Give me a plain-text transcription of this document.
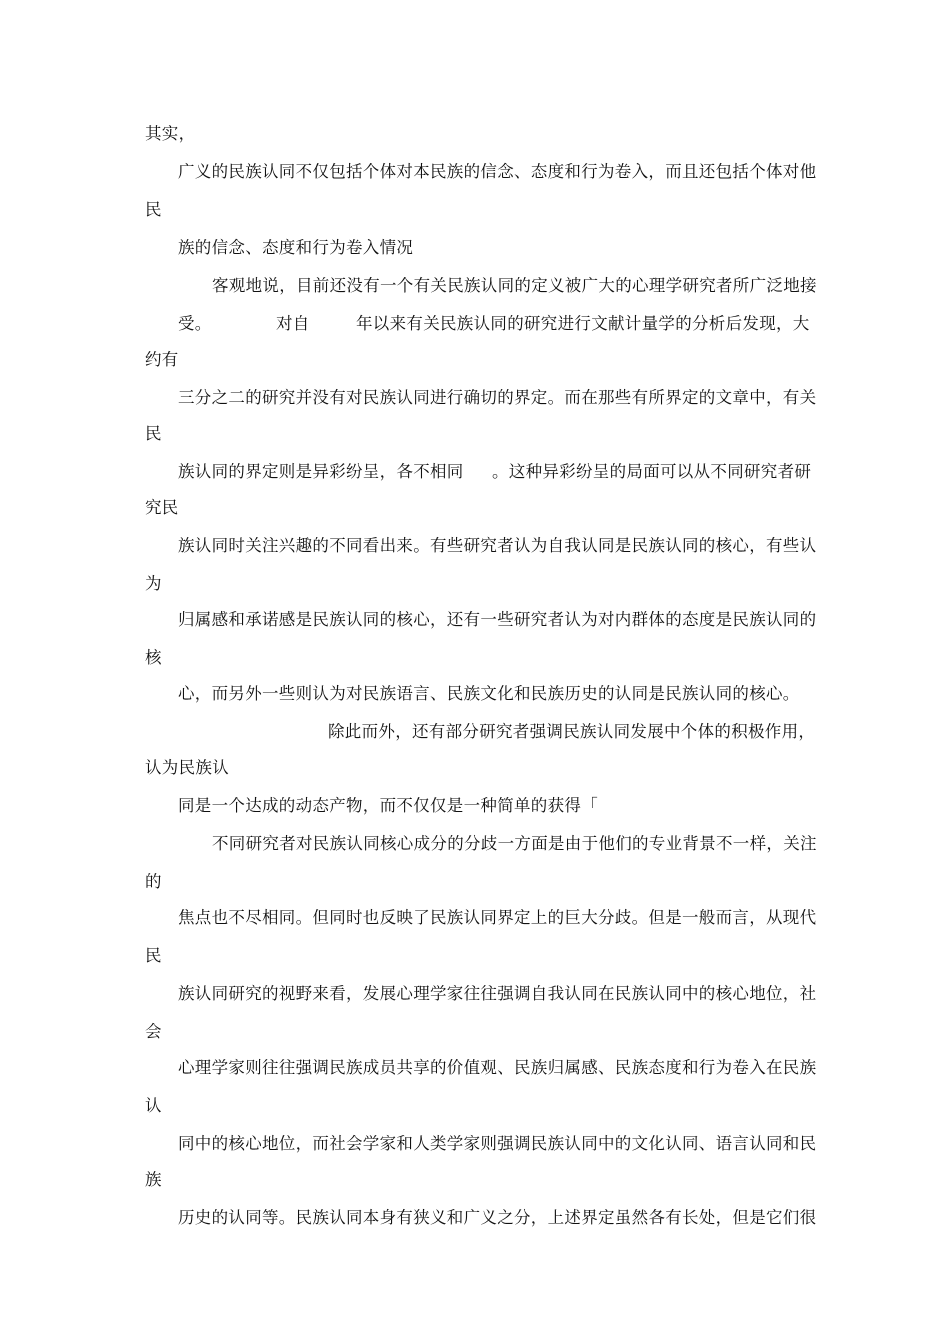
其实，
广义的民族认同不仅包括个体对本民族的信念、态度和行为卷入，而且还包括个体对他
民
族的信念、态度和行为卷入情况
客观地说，目前还没有一个有关民族认同的定义被广大的心理学研究者所广泛地接
受。	对自	年以来有关民族认同的研究进行文献计量学的分析后发现，大
约有
三分之二的研究并没有对民族认同进行确切的界定。而在那些有所界定的文章中，有关
民
族认同的界定则是异彩纷呈，各不相同 。这种异彩纷呈的局面可以从不同研究者研
究民
族认同时关注兴趣的不同看出来。有些研究者认为自我认同是民族认同的核心，有些认
为
归属感和承诺感是民族认同的核心，还有一些研究者认为对内群体的态度是民族认同的
核
心，而另外一些则认为对民族语言、民族文化和民族历史的认同是民族认同的核心。
除此而外，还有部分研究者强调民族认同发展中个体的积极作用，
认为民族认
同是一个达成的动态产物，而不仅仅是一种简单的获得「
不同研究者对民族认同核心成分的分歧一方面是由于他们的专业背景不一样，关注
的
焦点也不尽相同。但同时也反映了民族认同界定上的巨大分歧。但是一般而言，从现代
民
族认同研究的视野来看，发展心理学家往往强调自我认同在民族认同中的核心地位，社
会
心理学家则往往强调民族成员共享的价值观、民族归属感、民族态度和行为卷入在民族
认
同中的核心地位，而社会学家和人类学家则强调民族认同中的文化认同、语言认同和民
族
历史的认同等。民族认同本身有狭义和广义之分，上述界定虽然各有长处，但是它们很
